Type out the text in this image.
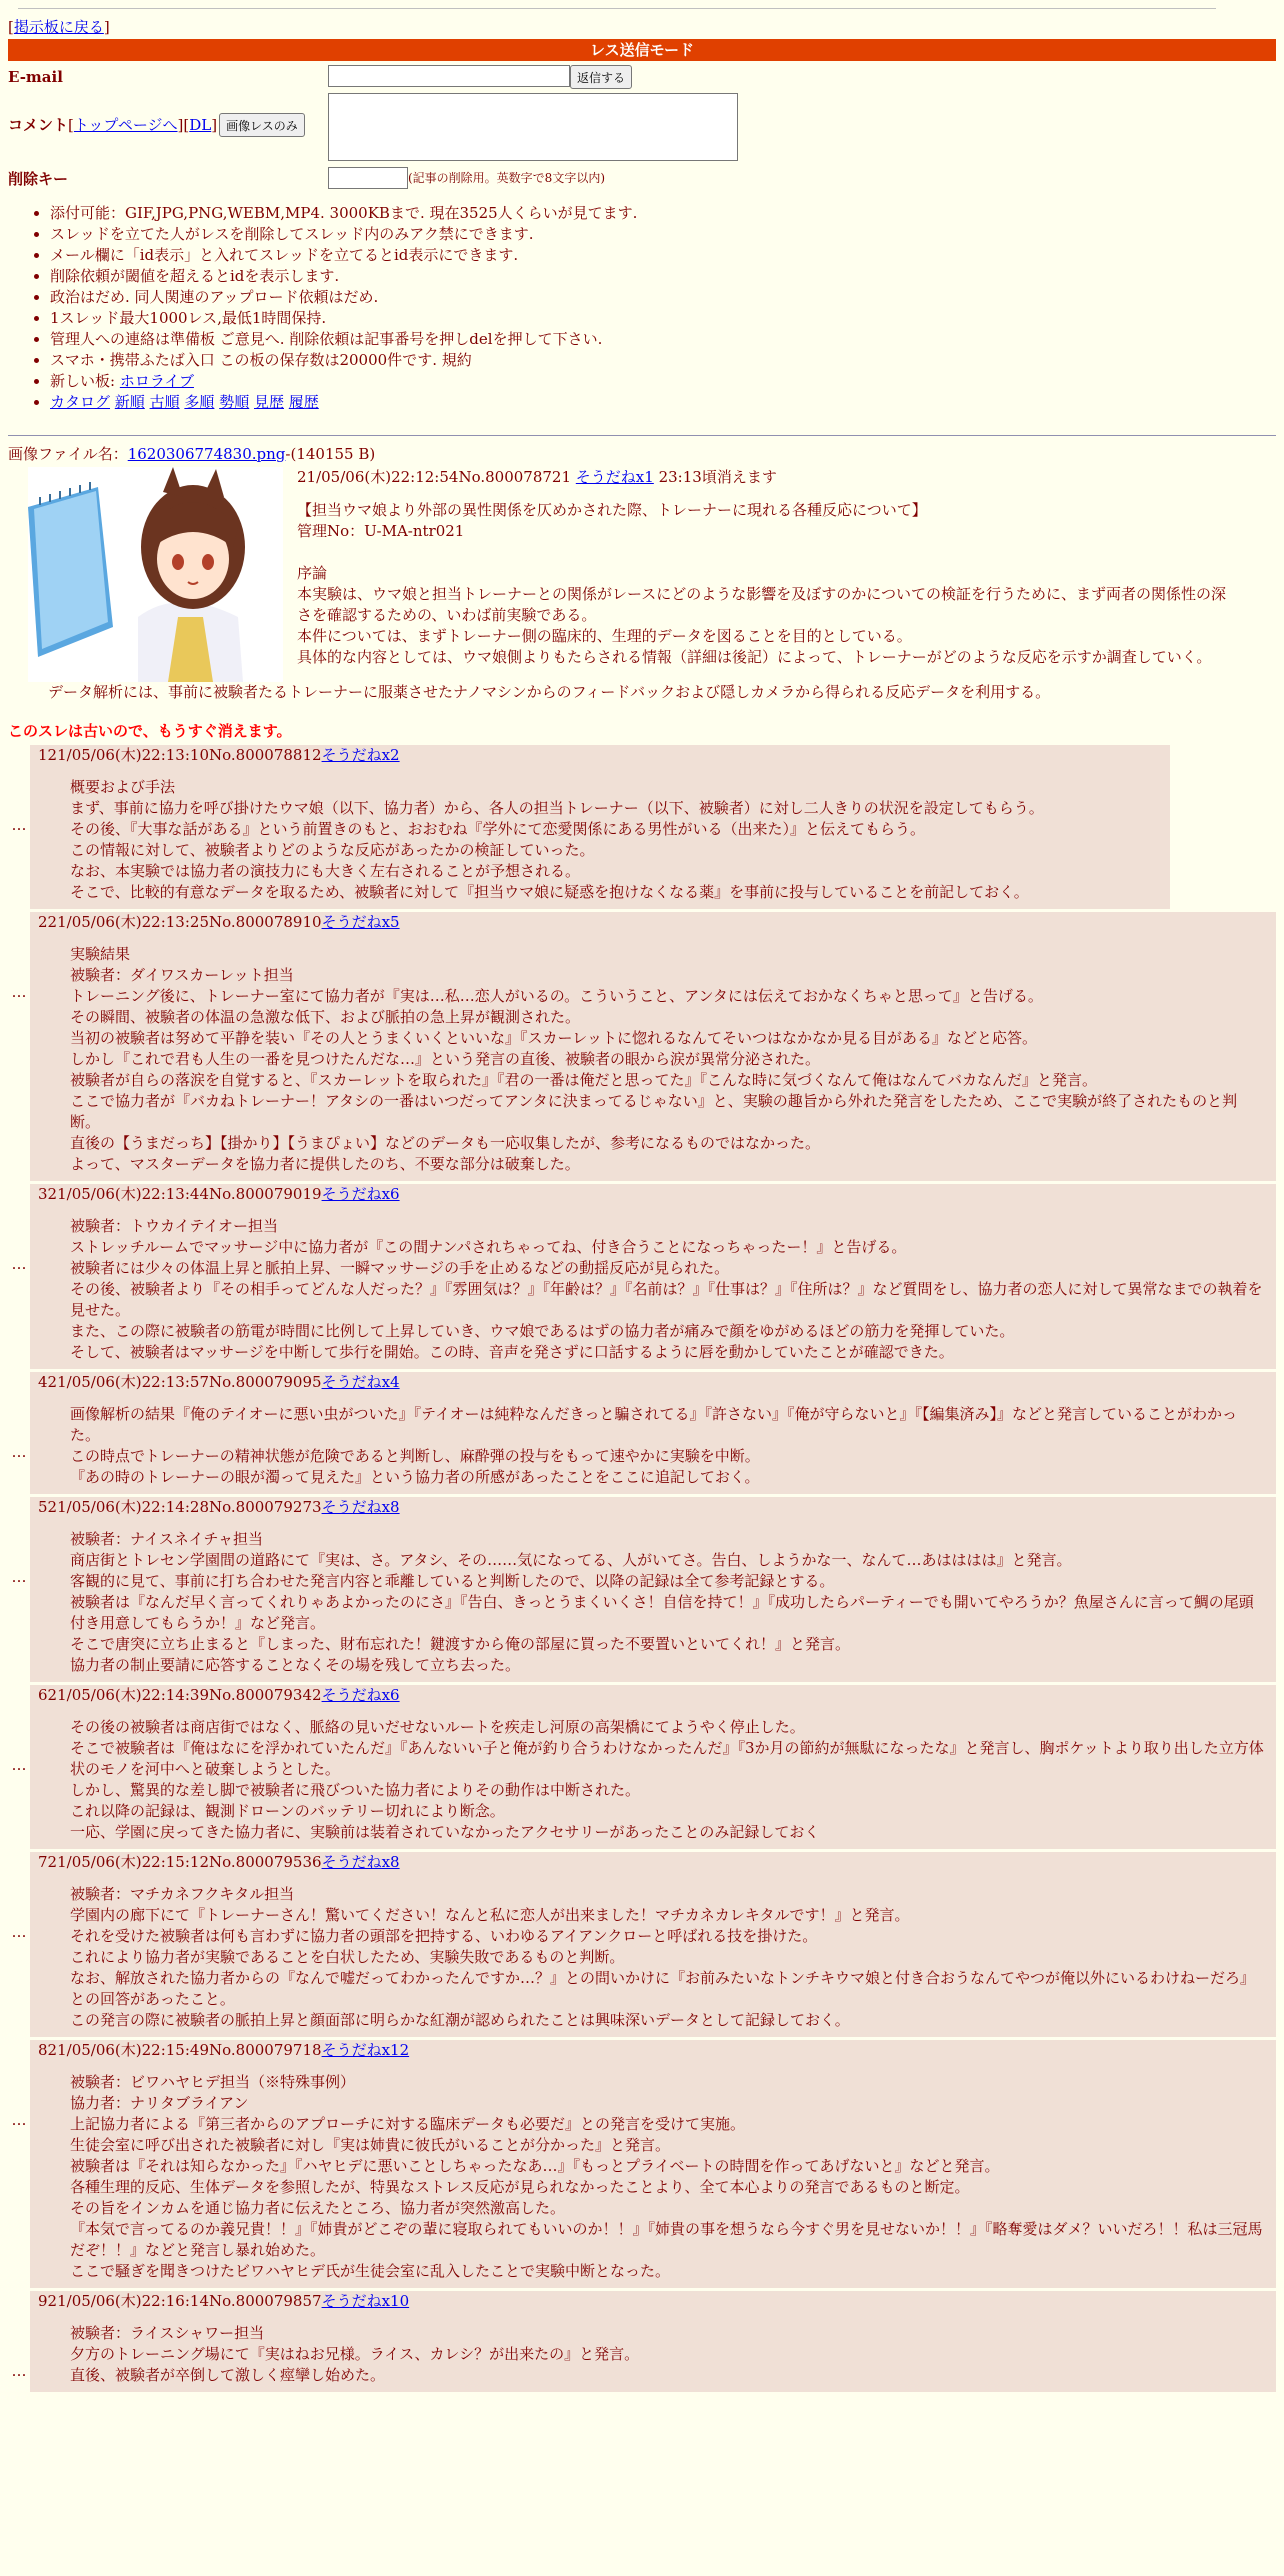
[掲示板に戻る]
レス送信モード
E-mail	返信する
コメント [トップページへ] [DL] 画像レスのみ
削除キー	(記事の削除用。英数字で8文字以内)
• 添付可能：GIF,JPG,PNG,WEBM,MP4. 3000KBまで. 現在3525人くらいが見てます.
• スレッドを立てた人がレスを削除してスレッド内のみアク禁にできます.
• メール欄に「id表示」と入れてスレッドを立てるとid表示にできます.
• 削除依頼が閾値を超えるとidを表示します.
• 政治はだめ. 同人関連のアップロード依頼はだめ.
• 1スレッド最大1000レス,最低1時間保持.
• 管理人への連絡は準備板 ご意見へ. 削除依頼は記事番号を押しdelを押して下さい.
• スマホ・携帯ふたば入口 この板の保存数は20000件です. 規約
• 新しい板: ホロライブ
• カタログ 新順 古順 多順 勢順 見歴 履歴
画像ファイル名：1620306774830.png-(140155 B)
21/05/06(木)22:12:54No.800078721 そうだねx1 23:13頃消えます
【担当ウマ娘より外部の異性関係を仄めかされた際、トレーナーに現れる各種反応について】
管理No：U-MA-ntr021

序論
本実験は、ウマ娘と担当トレーナーとの関係がレースにどのような影響を及ぼすのかについての検証を行うために、まず両者の関係性の深さを確認するための、いわば前実験である。
本件については、まずトレーナー側の臨床的、生理的データを図ることを目的としている。
具体的な内容としては、ウマ娘側よりもたらされる情報（詳細は後記）によって、トレーナーがどのような反応を示すか調査していく。
データ解析には、事前に被験者たるトレーナーに服薬させたナノマシンからのフィードバックおよび隠しカメラから得られる反応データを利用する。
このスレは古いので、もうすぐ消えます。
…
121/05/06(木)22:13:10No.800078812そうだねx2
概要および手法
まず、事前に協力を呼び掛けたウマ娘（以下、協力者）から、各人の担当トレーナー（以下、被験者）に対し二人きりの状況を設定してもらう。
その後、『大事な話がある』という前置きのもと、おおむね『学外にて恋愛関係にある男性がいる（出来た）』と伝えてもらう。
この情報に対して、被験者よりどのような反応があったかの検証していった。
なお、本実験では協力者の演技力にも大きく左右されることが予想される。
そこで、比較的有意なデータを取るため、被験者に対して『担当ウマ娘に疑惑を抱けなくなる薬』を事前に投与していることを前記しておく。
…
221/05/06(木)22:13:25No.800078910そうだねx5
実験結果
被験者：ダイワスカーレット担当
トレーニング後に、トレーナー室にて協力者が『実は…私…恋人がいるの。こういうこと、アンタには伝えておかなくちゃと思って』と告げる。
その瞬間、被験者の体温の急激な低下、および脈拍の急上昇が観測された。
当初の被験者は努めて平静を装い『その人とうまくいくといいな』『スカーレットに惚れるなんてそいつはなかなか見る目がある』などと応答。
しかし『これで君も人生の一番を見つけたんだな…』という発言の直後、被験者の眼から涙が異常分泌された。
被験者が自らの落涙を自覚すると、『スカーレットを取られた』『君の一番は俺だと思ってた』『こんな時に気づくなんて俺はなんてバカなんだ』と発言。
ここで協力者が『バカねトレーナー！アタシの一番はいつだってアンタに決まってるじゃない』と、実験の趣旨から外れた発言をしたため、ここで実験が終了されたものと判断。
直後の【うまだっち】【掛かり】【うまぴょい】などのデータも一応収集したが、参考になるものではなかった。
よって、マスターデータを協力者に提供したのち、不要な部分は破棄した。
…
321/05/06(木)22:13:44No.800079019そうだねx6
被験者：トウカイテイオー担当
ストレッチルームでマッサージ中に協力者が『この間ナンパされちゃってね、付き合うことになっちゃったー！』と告げる。
被験者には少々の体温上昇と脈拍上昇、一瞬マッサージの手を止めるなどの動揺反応が見られた。
その後、被験者より『その相手ってどんな人だった？』『雰囲気は？』『年齢は？』『名前は？』『仕事は？』『住所は？』など質問をし、協力者の恋人に対して異常なまでの執着を見せた。
また、この際に被験者の筋電が時間に比例して上昇していき、ウマ娘であるはずの協力者が痛みで顔をゆがめるほどの筋力を発揮していた。
そして、被験者はマッサージを中断して歩行を開始。この時、音声を発さずに口話するように唇を動かしていたことが確認できた。
…
421/05/06(木)22:13:57No.800079095そうだねx4
画像解析の結果『俺のテイオーに悪い虫がついた』『テイオーは純粋なんだきっと騙されてる』『許さない』『俺が守らないと』『【編集済み】』などと発言していることがわかった。
この時点でトレーナーの精神状態が危険であると判断し、麻酔弾の投与をもって速やかに実験を中断。
『あの時のトレーナーの眼が濁って見えた』という協力者の所感があったことをここに追記しておく。
…
521/05/06(木)22:14:28No.800079273そうだねx8
被験者：ナイスネイチャ担当
商店街とトレセン学園間の道路にて『実は、さ。アタシ、その……気になってる、人がいてさ。告白、しようかな一、なんて…あはははは』と発言。
客観的に見て、事前に打ち合わせた発言内容と乖離していると判断したので、以降の記録は全て参考記録とする。
被験者は『なんだ早く言ってくれりゃあよかったのにさ』『告白、きっとうまくいくさ！自信を持て！』『成功したらパーティーでも開いてやろうか？魚屋さんに言って鯛の尾頭付き用意してもらうか！』など発言。
そこで唐突に立ち止まると『しまった、財布忘れた！鍵渡すから俺の部屋に買った不要置いといてくれ！』と発言。
協力者の制止要請に応答することなくその場を残して立ち去った。
…
621/05/06(木)22:14:39No.800079342そうだねx6
その後の被験者は商店街ではなく、脈絡の見いだせないルートを疾走し河原の高架橋にてようやく停止した。
そこで被験者は『俺はなにを浮かれていたんだ』『あんないい子と俺が釣り合うわけなかったんだ』『3か月の節約が無駄になったな』と発言し、胸ポケットより取り出した立方体状のモノを河中へと破棄しようとした。
しかし、驚異的な差し脚で被験者に飛びついた協力者によりその動作は中断された。
これ以降の記録は、観測ドローンのバッテリー切れにより断念。
一応、学園に戻ってきた協力者に、実験前は装着されていなかったアクセサリーがあったことのみ記録しておく
…
721/05/06(木)22:15:12No.800079536そうだねx8
被験者：マチカネフクキタル担当
学園内の廊下にて『トレーナーさん！驚いてください！なんと私に恋人が出来ました！マチカネカレキタルです！』と発言。
それを受けた被験者は何も言わずに協力者の頭部を把持する、いわゆるアイアンクローと呼ばれる技を掛けた。
これにより協力者が実験であることを白状したため、実験失敗であるものと判断。
なお、解放された協力者からの『なんで嘘だってわかったんですか…？』との問いかけに『お前みたいなトンチキウマ娘と付き合おうなんてやつが俺以外にいるわけねーだろ』との回答があったこと。
この発言の際に被験者の脈拍上昇と顔面部に明らかな紅潮が認められたことは興味深いデータとして記録しておく。
…
821/05/06(木)22:15:49No.800079718そうだねx12
被験者：ビワハヤヒデ担当（※特殊事例）
協力者：ナリタブライアン
上記協力者による『第三者からのアプローチに対する臨床データも必要だ』との発言を受けて実施。
生徒会室に呼び出された被験者に対し『実は姉貴に彼氏がいることが分かった』と発言。
被験者は『それは知らなかった』『ハヤヒデに悪いことしちゃったなあ…』『もっとプライベートの時間を作ってあげないと』などと発言。
各種生理的反応、生体データを参照したが、特異なストレス反応が見られなかったことより、全て本心よりの発言であるものと断定。
その旨をインカムを通じ協力者に伝えたところ、協力者が突然激高した。
『本気で言ってるのか義兄貴！！』『姉貴がどこぞの輩に寝取られてもいいのか！！』『姉貴の事を想うなら今すぐ男を見せないか！！』『略奪愛はダメ？いいだろ！！私は三冠馬だぞ！！』などと発言し暴れ始めた。
ここで騒ぎを聞きつけたビワハヤヒデ氏が生徒会室に乱入したことで実験中断となった。
…
921/05/06(木)22:16:14No.800079857そうだねx10
被験者：ライスシャワー担当
夕方のトレーニング場にて『実はねお兄様。ライス、カレシ？が出来たの』と発言。
直後、被験者が卒倒して激しく痙攣し始めた。
